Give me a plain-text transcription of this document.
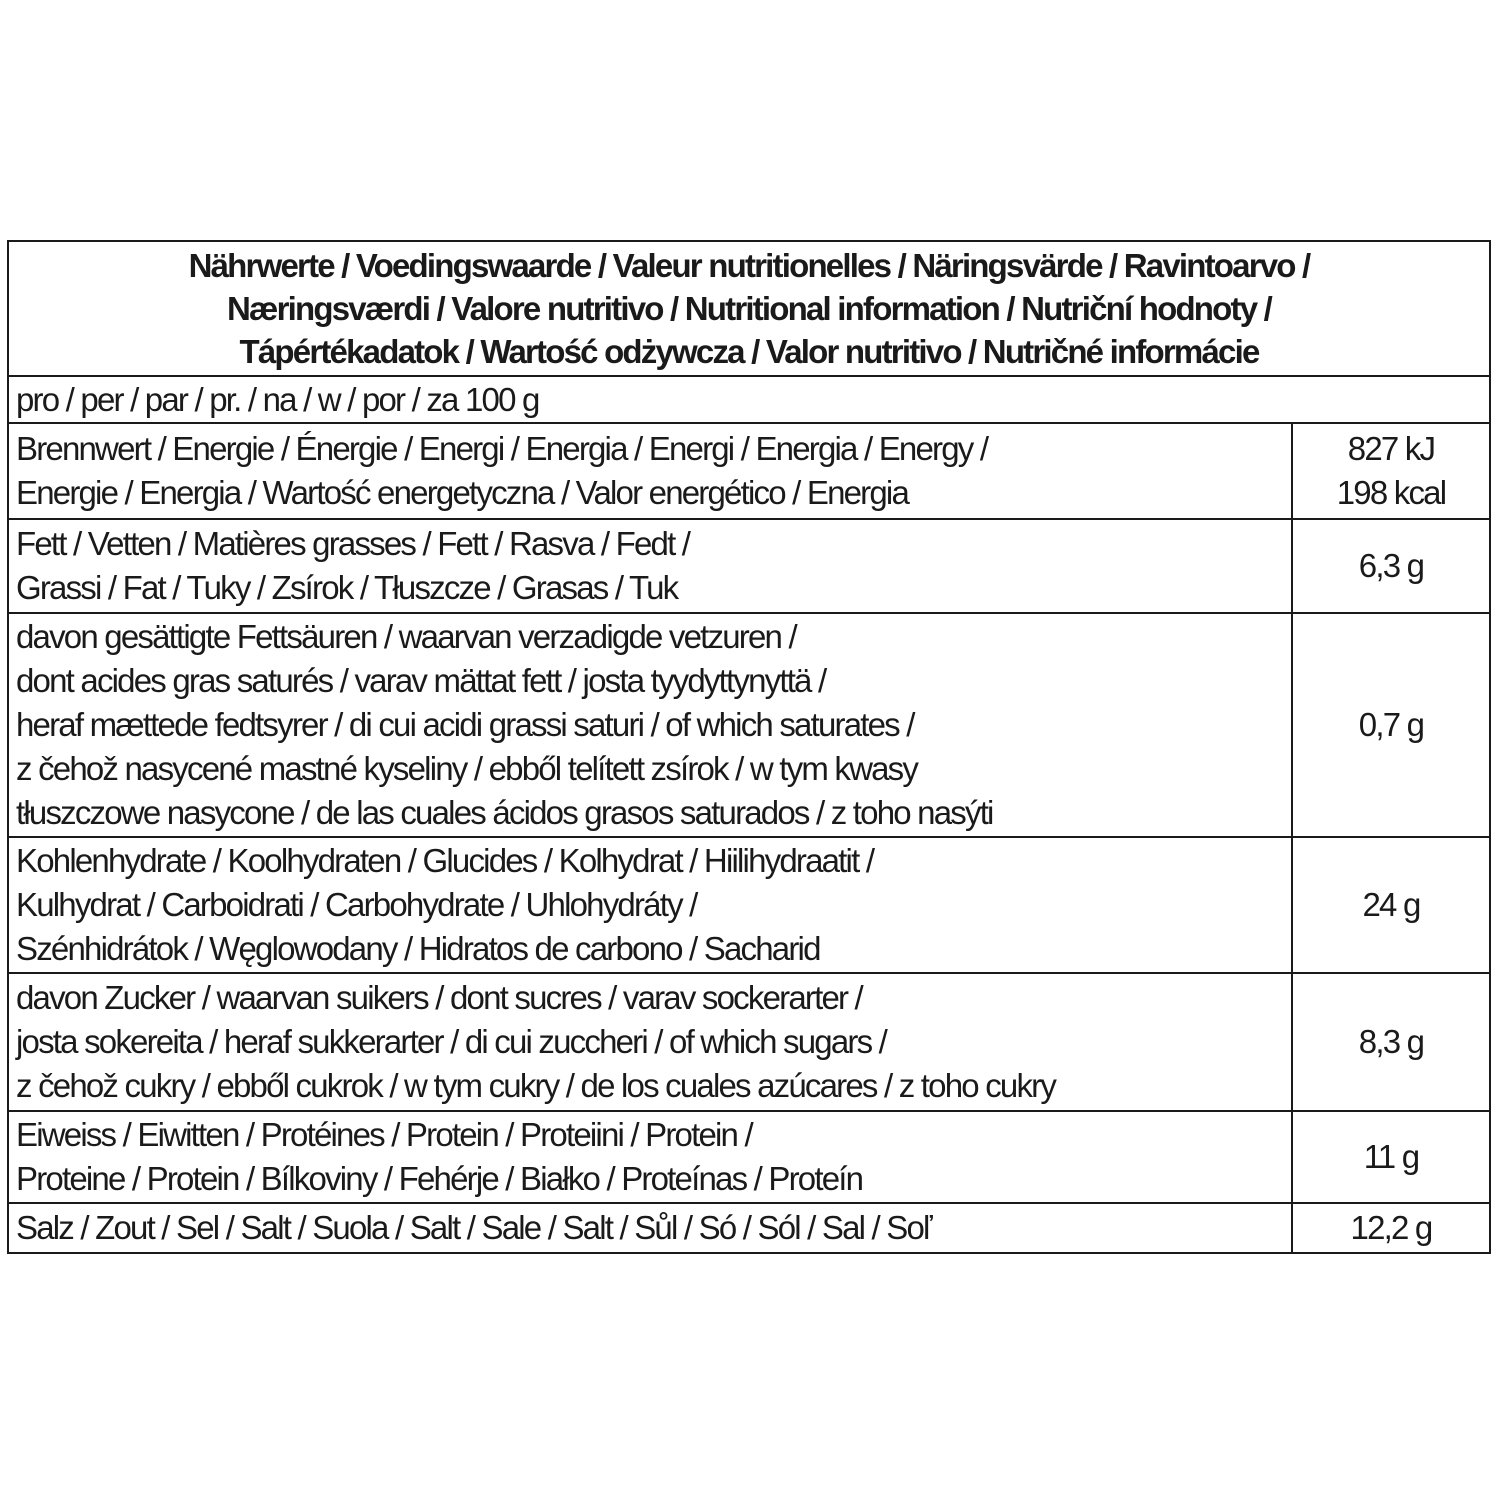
Nährwerte / Voedingswaarde / Valeur nutritionelles / Näringsvärde / Ravintoarvo /
Næringsværdi / Valore nutritivo / Nutritional information / Nutriční hodnoty /
Tápértékadatok / Wartość odżywcza / Valor nutritivo / Nutričné informácie
pro / per / par / pr. / na / w / por / za 100 g
Brennwert / Energie / Énergie / Energi / Energia / Energi / Energia / Energy /
Energie / Energia / Wartość energetyczna / Valor energético / Energia
827 kJ
198 kcal
Fett / Vetten / Matières grasses / Fett / Rasva / Fedt /
Grassi / Fat / Tuky / Zsírok / Tłuszcze / Grasas / Tuk
6,3 g
davon gesättigte Fettsäuren / waarvan verzadigde vetzuren /
dont acides gras saturés / varav mättat fett / josta tyydyttynyttä /
heraf mættede fedtsyrer / di cui acidi grassi saturi / of which saturates /
z čehož nasycené mastné kyseliny / ebből telített zsírok / w tym kwasy
tłuszczowe nasycone / de las cuales ácidos grasos saturados / z toho nasýti
0,7 g
Kohlenhydrate / Koolhydraten / Glucides / Kolhydrat / Hiilihydraatit /
Kulhydrat / Carboidrati / Carbohydrate / Uhlohydráty /
Szénhidrátok / Węglowodany / Hidratos de carbono / Sacharid
24 g
davon Zucker / waarvan suikers / dont sucres / varav sockerarter /
josta sokereita / heraf sukkerarter / di cui zuccheri / of which sugars /
z čehož cukry / ebből cukrok / w tym cukry / de los cuales azúcares / z toho cukry
8,3 g
Eiweiss / Eiwitten / Protéines / Protein / Proteiini / Protein /
Proteine / Protein / Bílkoviny / Fehérje / Białko / Proteínas / Proteín
11 g
Salz / Zout / Sel / Salt / Suola / Salt / Sale / Salt / Sůl / Só / Sól / Sal / Soľ	12,2 g
